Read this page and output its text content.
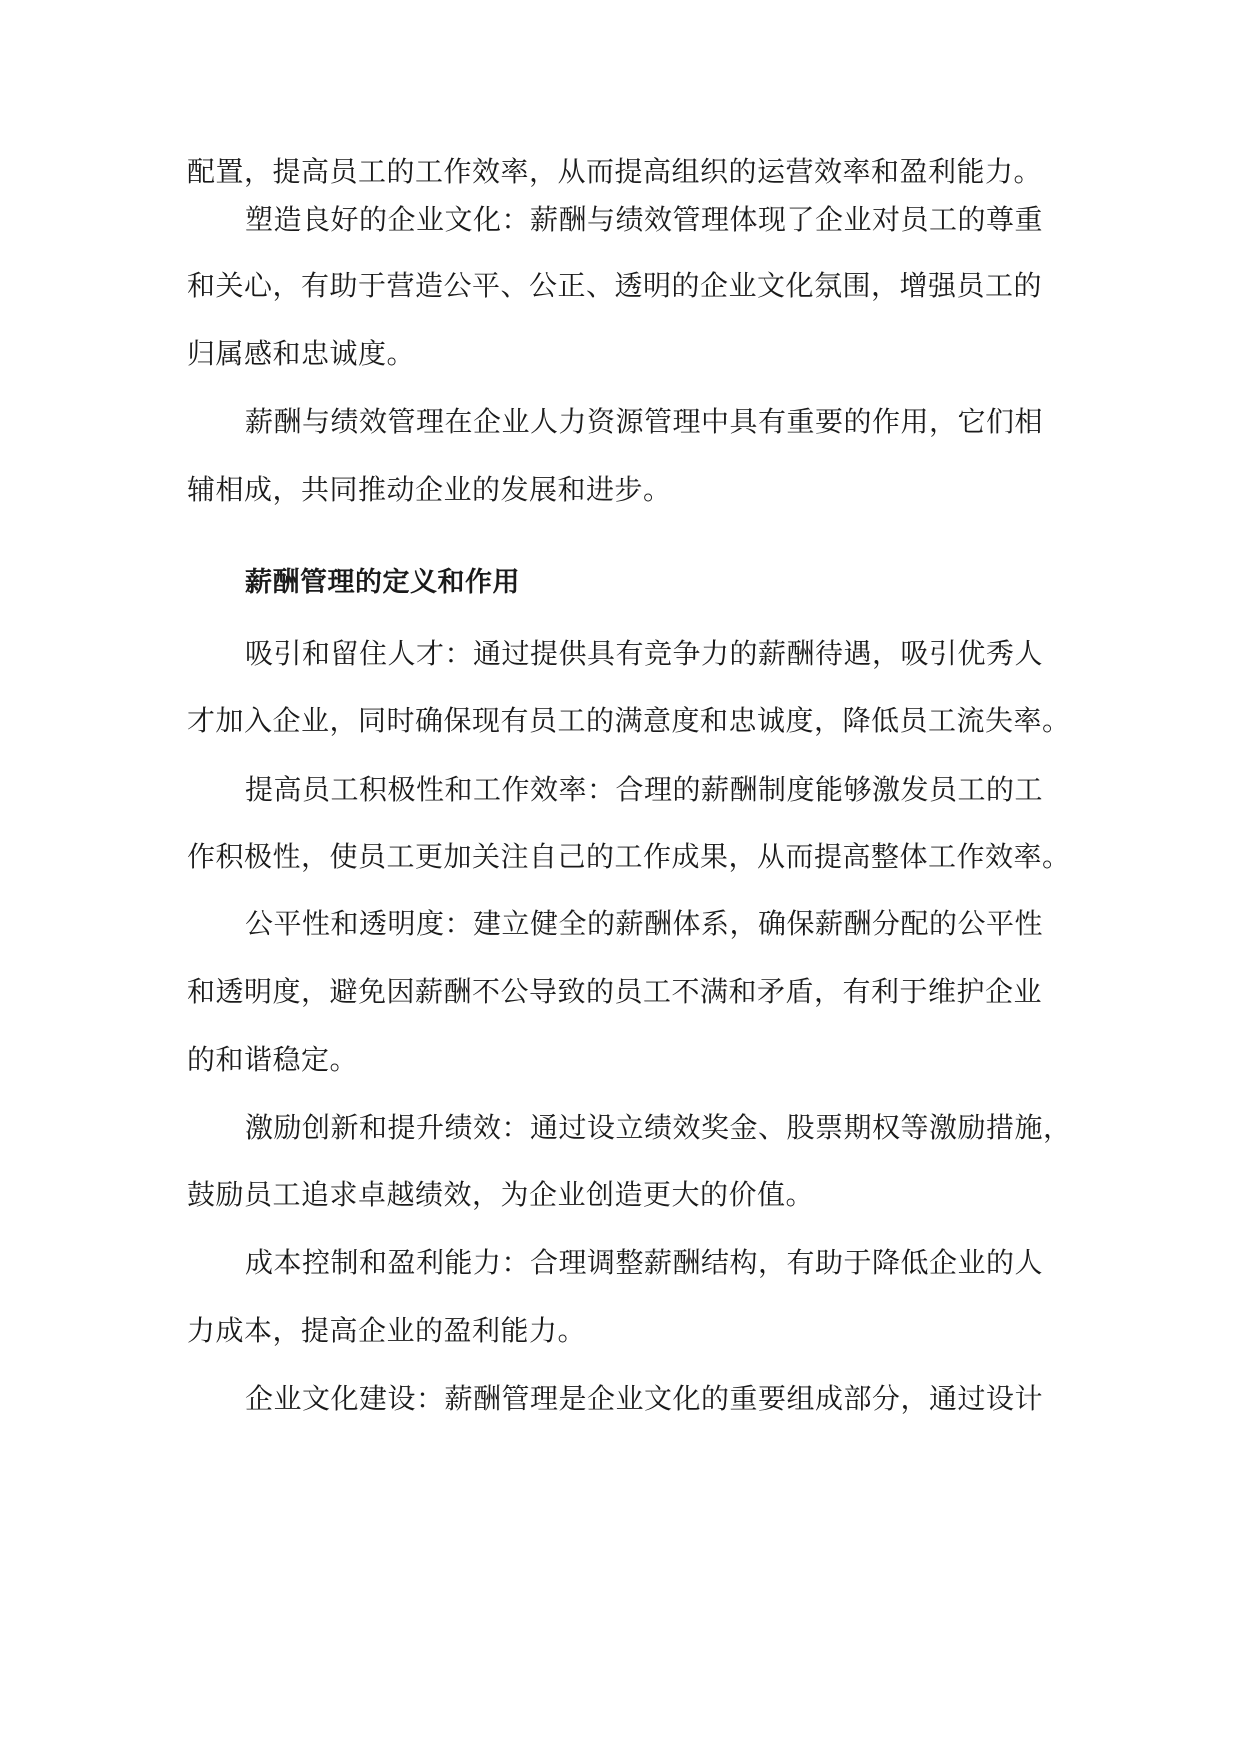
配置，提高员工的工作效率，从而提高组织的运营效率和盈利能力。
塑造良好的企业文化：薪酬与绩效管理体现了企业对员工的尊重
和关心，有助于营造公平、公正、透明的企业文化氛围，增强员工的
归属感和忠诚度。
薪酬与绩效管理在企业人力资源管理中具有重要的作用，它们相
辅相成，共同推动企业的发展和进步。
薪酬管理的定义和作用
吸引和留住人才：通过提供具有竞争力的薪酬待遇，吸引优秀人
才加入企业，同时确保现有员工的满意度和忠诚度，降低员工流失率。
提高员工积极性和工作效率：合理的薪酬制度能够激发员工的工
作积极性，使员工更加关注自己的工作成果，从而提高整体工作效率。
公平性和透明度：建立健全的薪酬体系，确保薪酬分配的公平性
和透明度，避免因薪酬不公导致的员工不满和矛盾，有利于维护企业
的和谐稳定。
激励创新和提升绩效：通过设立绩效奖金、股票期权等激励措施，
鼓励员工追求卓越绩效，为企业创造更大的价值。
成本控制和盈利能力：合理调整薪酬结构，有助于降低企业的人
力成本，提高企业的盈利能力。
企业文化建设：薪酬管理是企业文化的重要组成部分，通过设计
